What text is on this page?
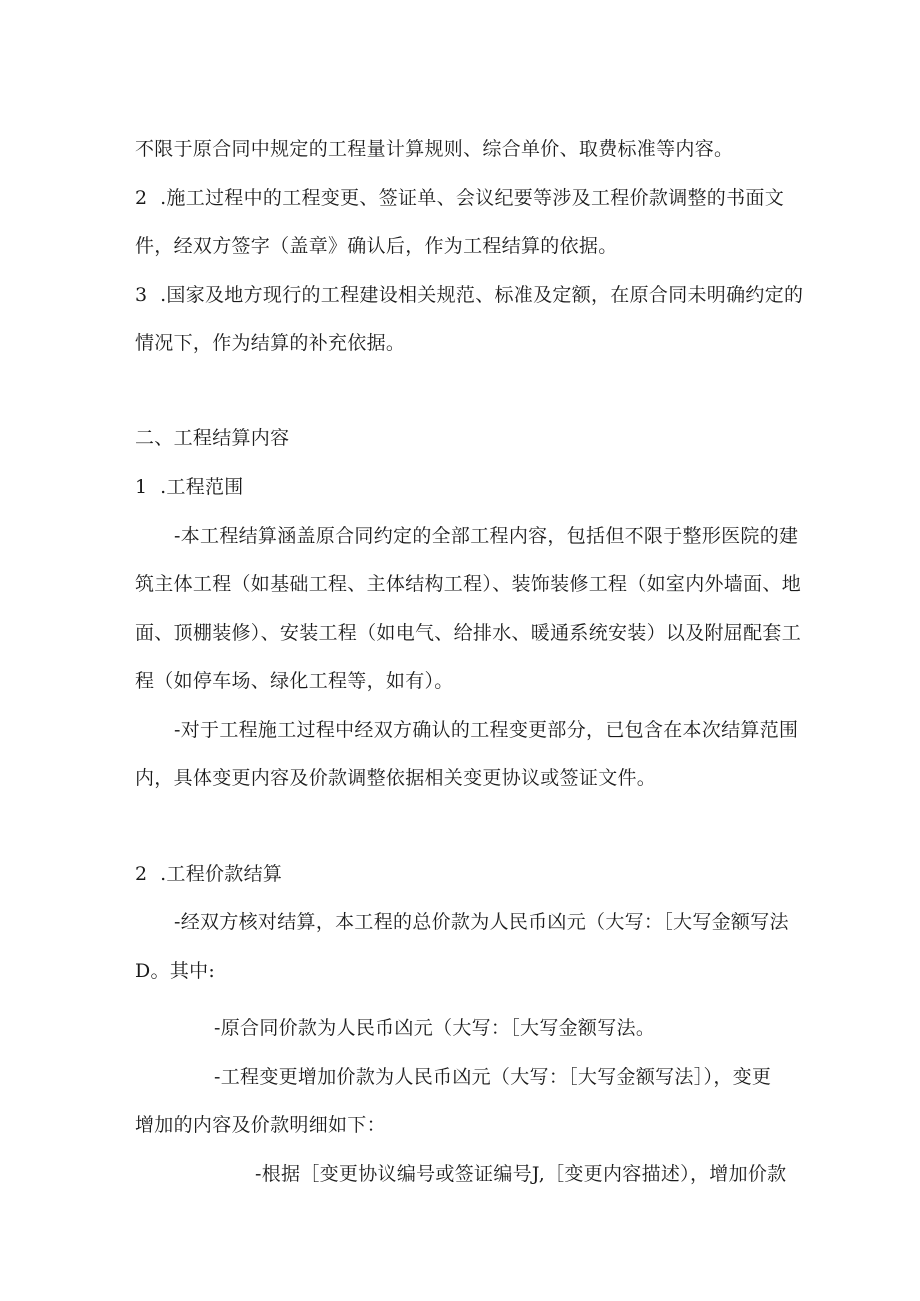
不限于原合同中规定的工程量计算规则、综合单价、取费标准等内容。

2  .施工过程中的工程变更、签证单、会议纪要等涉及工程价款调整的书面文

件，经双方签字（盖章》确认后，作为工程结算的依据。

3  .国家及地方现行的工程建设相关规范、标准及定额，在原合同未明确约定的

情况下，作为结算的补充依据。

二、工程结算内容

1  .工程范围

-本工程结算涵盖原合同约定的全部工程内容，包括但不限于整形医院的建

筑主体工程（如基础工程、主体结构工程）、装饰装修工程（如室内外墙面、地

面、顶棚装修）、安装工程（如电气、给排水、暖通系统安装）以及附屈配套工

程（如停车场、绿化工程等，如有）。

-对于工程施工过程中经双方确认的工程变更部分，已包含在本次结算范围

内，具体变更内容及价款调整依据相关变更协议或签证文件。

2  .工程价款结算

-经双方核对结算，本工程的总价款为人民币凶元（大写：［大写金额写法

D。其中:

-原合同价款为人民币凶元（大写：［大写金额写法。

-工程变更增加价款为人民币凶元（大写：［大写金额写法］），变更

增加的内容及价款明细如下：

-根据［变更协议编号或签证编号J,［变更内容描述），增加价款
